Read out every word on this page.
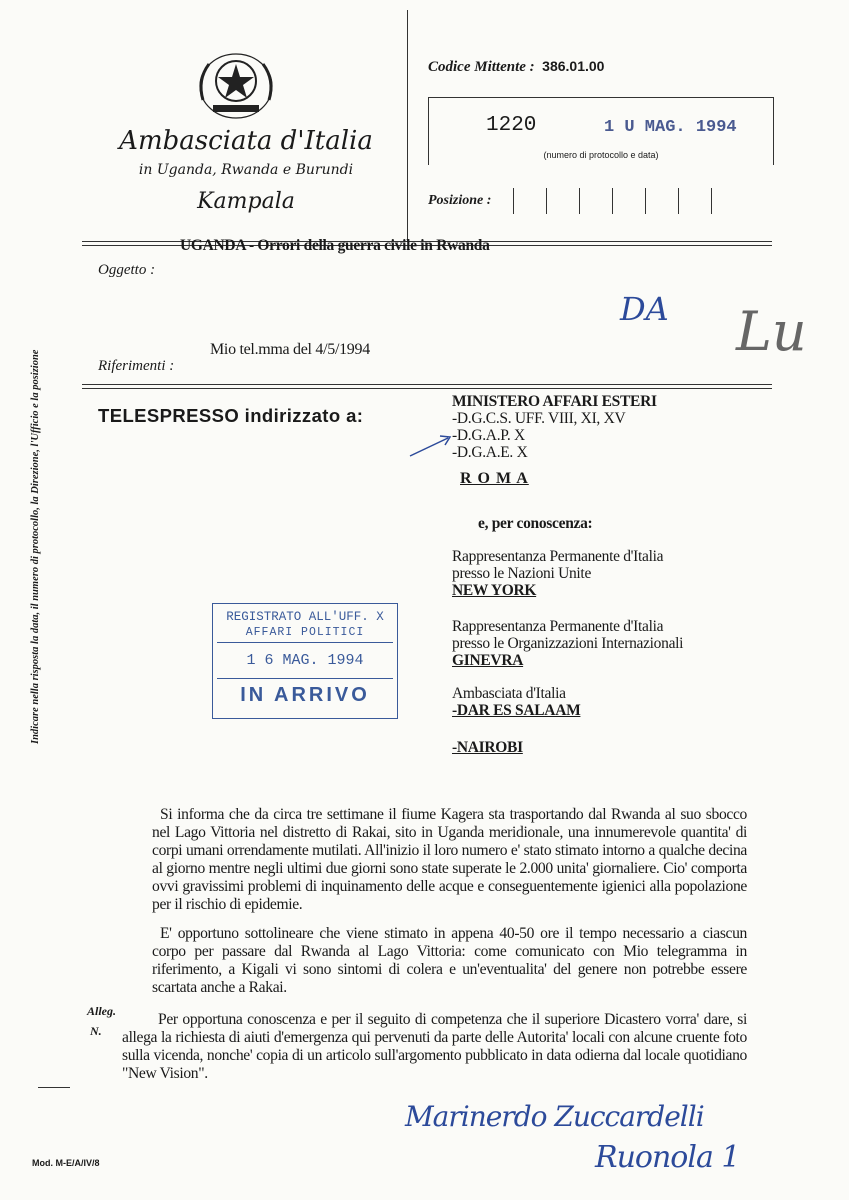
Ambasciata d'Italia
in Uganda, Rwanda e Burundi
Kampala
Codice Mittente : 386.01.00
1220	1 U MAG. 1994
(numero di protocollo e data)
Posizione :
UGANDA - Orrori della guerra civile in Rwanda
Oggetto :
Mio tel.mma del 4/5/1994
Riferimenti :
DA Lu
Indicare nella risposta la data, il numero di protocollo, la Direzione, l'Ufficio e la posizione	TELESPRESSO indirizzato a:
MINISTERO AFFARI ESTERI
-D.G.C.S. UFF. VIII, XI, XV
-D.G.A.P. X
-D.G.A.E. X
R O M A
e, per conoscenza:
Rappresentanza Permanente d'Italia
presso le Nazioni Unite
NEW YORK
Rappresentanza Permanente d'Italia
presso le Organizzazioni Internazionali
GINEVRA
Ambasciata d'Italia
-DAR ES SALAAM
-NAIROBI
REGISTRATO ALL'UFF. X
AFFARI POLITICI
1 6 MAG. 1994
IN ARRIVO
Si informa che da circa tre settimane il fiume Kagera sta trasportando dal Rwanda al suo sbocco nel Lago Vittoria nel distretto di Rakai, sito in Uganda meridionale, una innumerevole quantita' di corpi umani orrendamente mutilati. All'inizio il loro numero e' stato stimato intorno a qualche decina al giorno mentre negli ultimi due giorni sono state superate le 2.000 unita' giornaliere. Cio' comporta ovvi gravissimi problemi di inquinamento delle acque e conseguentemente igienici alla popolazione per il rischio di epidemie.
E' opportuno sottolineare che viene stimato in appena 40-50 ore il tempo necessario a ciascun corpo per passare dal Rwanda al Lago Vittoria: come comunicato con Mio telegramma in riferimento, a Kigali vi sono sintomi di colera e un'eventualita' del genere non potrebbe essere scartata anche a Rakai.
Per opportuna conoscenza e per il seguito di competenza che il superiore Dicastero vorra' dare, si allega la richiesta di aiuti d'emergenza qui pervenuti da parte delle Autorita' locali con alcune cruente foto sulla vicenda, nonche' copia di un articolo sull'argomento pubblicato in data odierna dal locale quotidiano "New Vision".
Alleg.
N.
Marinerdo Zuccardelli
Ruonola 1
Mod. M-E/A/IV/8
